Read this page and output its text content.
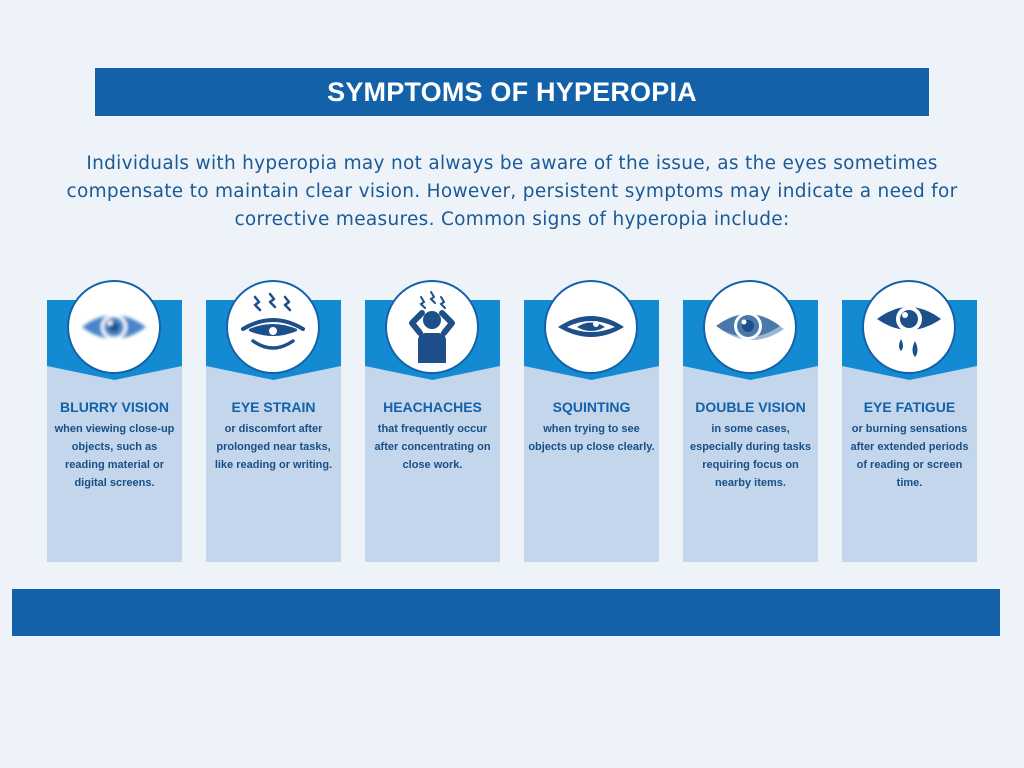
SYMPTOMS OF HYPEROPIA

Individuals with hyperopia may not always be aware of the issue, as the eyes sometimes compensate to maintain clear vision. However, persistent symptoms may indicate a need for corrective measures. Common signs of hyperopia include:

BLURRY VISION

when viewing close-up objects, such as reading material or digital screens.

EYE STRAIN

or discomfort after prolonged near tasks, like reading or writing.

HEACHACHES

that frequently occur after concentrating on close work.

SQUINTING

when trying to see objects up close clearly.

DOUBLE VISION

in some cases, especially during tasks requiring focus on nearby items.

EYE FATIGUE

or burning sensations after extended periods of reading or screen time.
